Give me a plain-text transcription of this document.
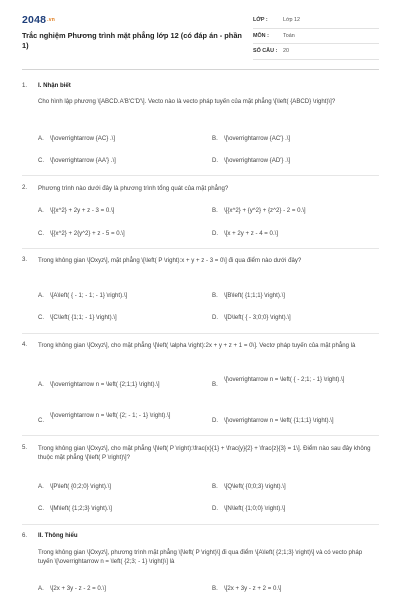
2048.vn
Trắc nghiệm Phương trình mặt phẳng lớp 12 (có đáp án - phần 1)
LỚP :	Lớp 12
MÔN :	Toán
SỐ CÂU : 20
1. I. Nhận biết
Cho hình lập phương \[ABCD.A'B'C'D'\]. Vecto nào là vecto pháp tuyến của mặt phẳng \[\left( {ABCD} \right)\]?
A. \[\overrightarrow {AC} .\]	B. \[\overrightarrow {AC'} .\]
C. \[\overrightarrow {AA'} .\]	D. \[\overrightarrow {AD'} .\]
2. Phương trình nào dưới đây là phương trình tổng quát của mặt phẳng?
A. \[{x^2} + 2y + z - 3 = 0.\]	B. \[{x^2} + {y^2} + {z^2} - 2 = 0.\]
C. \[{x^2} + 2{y^2} + z - 5 = 0.\]	D. \[x + 2y + z - 4 = 0.\]
3. Trong không gian \[Oxyz\], mặt phẳng \[\left( P \right):x + y + z - 3 = 0\] đi qua điểm nào dưới đây?
A. \[A\left( { - 1; - 1; - 1} \right).\]	B. \[B\left( {1;1;1} \right).\]
C. \[C\left( {1;1; - 1} \right).\]	D. \[D\left( { - 3;0;0} \right).\]
4. Trong không gian \[Oxyz\], cho mặt phẳng \[\left( \alpha \right):2x + y + z + 1 = 0\]. Vectơ pháp tuyến của mặt phẳng là
A. \[\overrightarrow n = \left( {2;1;1} \right).\]	B.
\[\overrightarrow n = \left( { - 2;1; - 1} \right).\]
C.
\[\overrightarrow n = \left( {2; - 1; - 1} \right).\]
D. \[\overrightarrow n = \left( {1;1;1} \right).\]
5. Trong không gian \[Oxyz\], cho mặt phẳng \[\left( P \right):\frac{x}{1} + \frac{y}{2} + \frac{z}{3} = 1\]. Điểm nào sau đây không thuộc mặt phẳng \[\left( P \right)\]?
A. \[P\left( {0;2;0} \right).\]	B. \[Q\left( {0;0;3} \right).\]
C. \[M\left( {1;2;3} \right).\]	D. \[N\left( {1;0;0} \right).\]
6. II. Thông hiểu
Trong không gian \[Oxyz\], phương trình mặt phẳng \[\left( P \right)\] đi qua điểm \[A\left( {2;1;3} \right)\] và có vecto pháp tuyến \[\overrightarrow n = \left( {2;3; - 1} \right)\] là
A. \[2x + 3y - z - 2 = 0.\]	B. \[2x + 3y - z + 2 = 0.\]
